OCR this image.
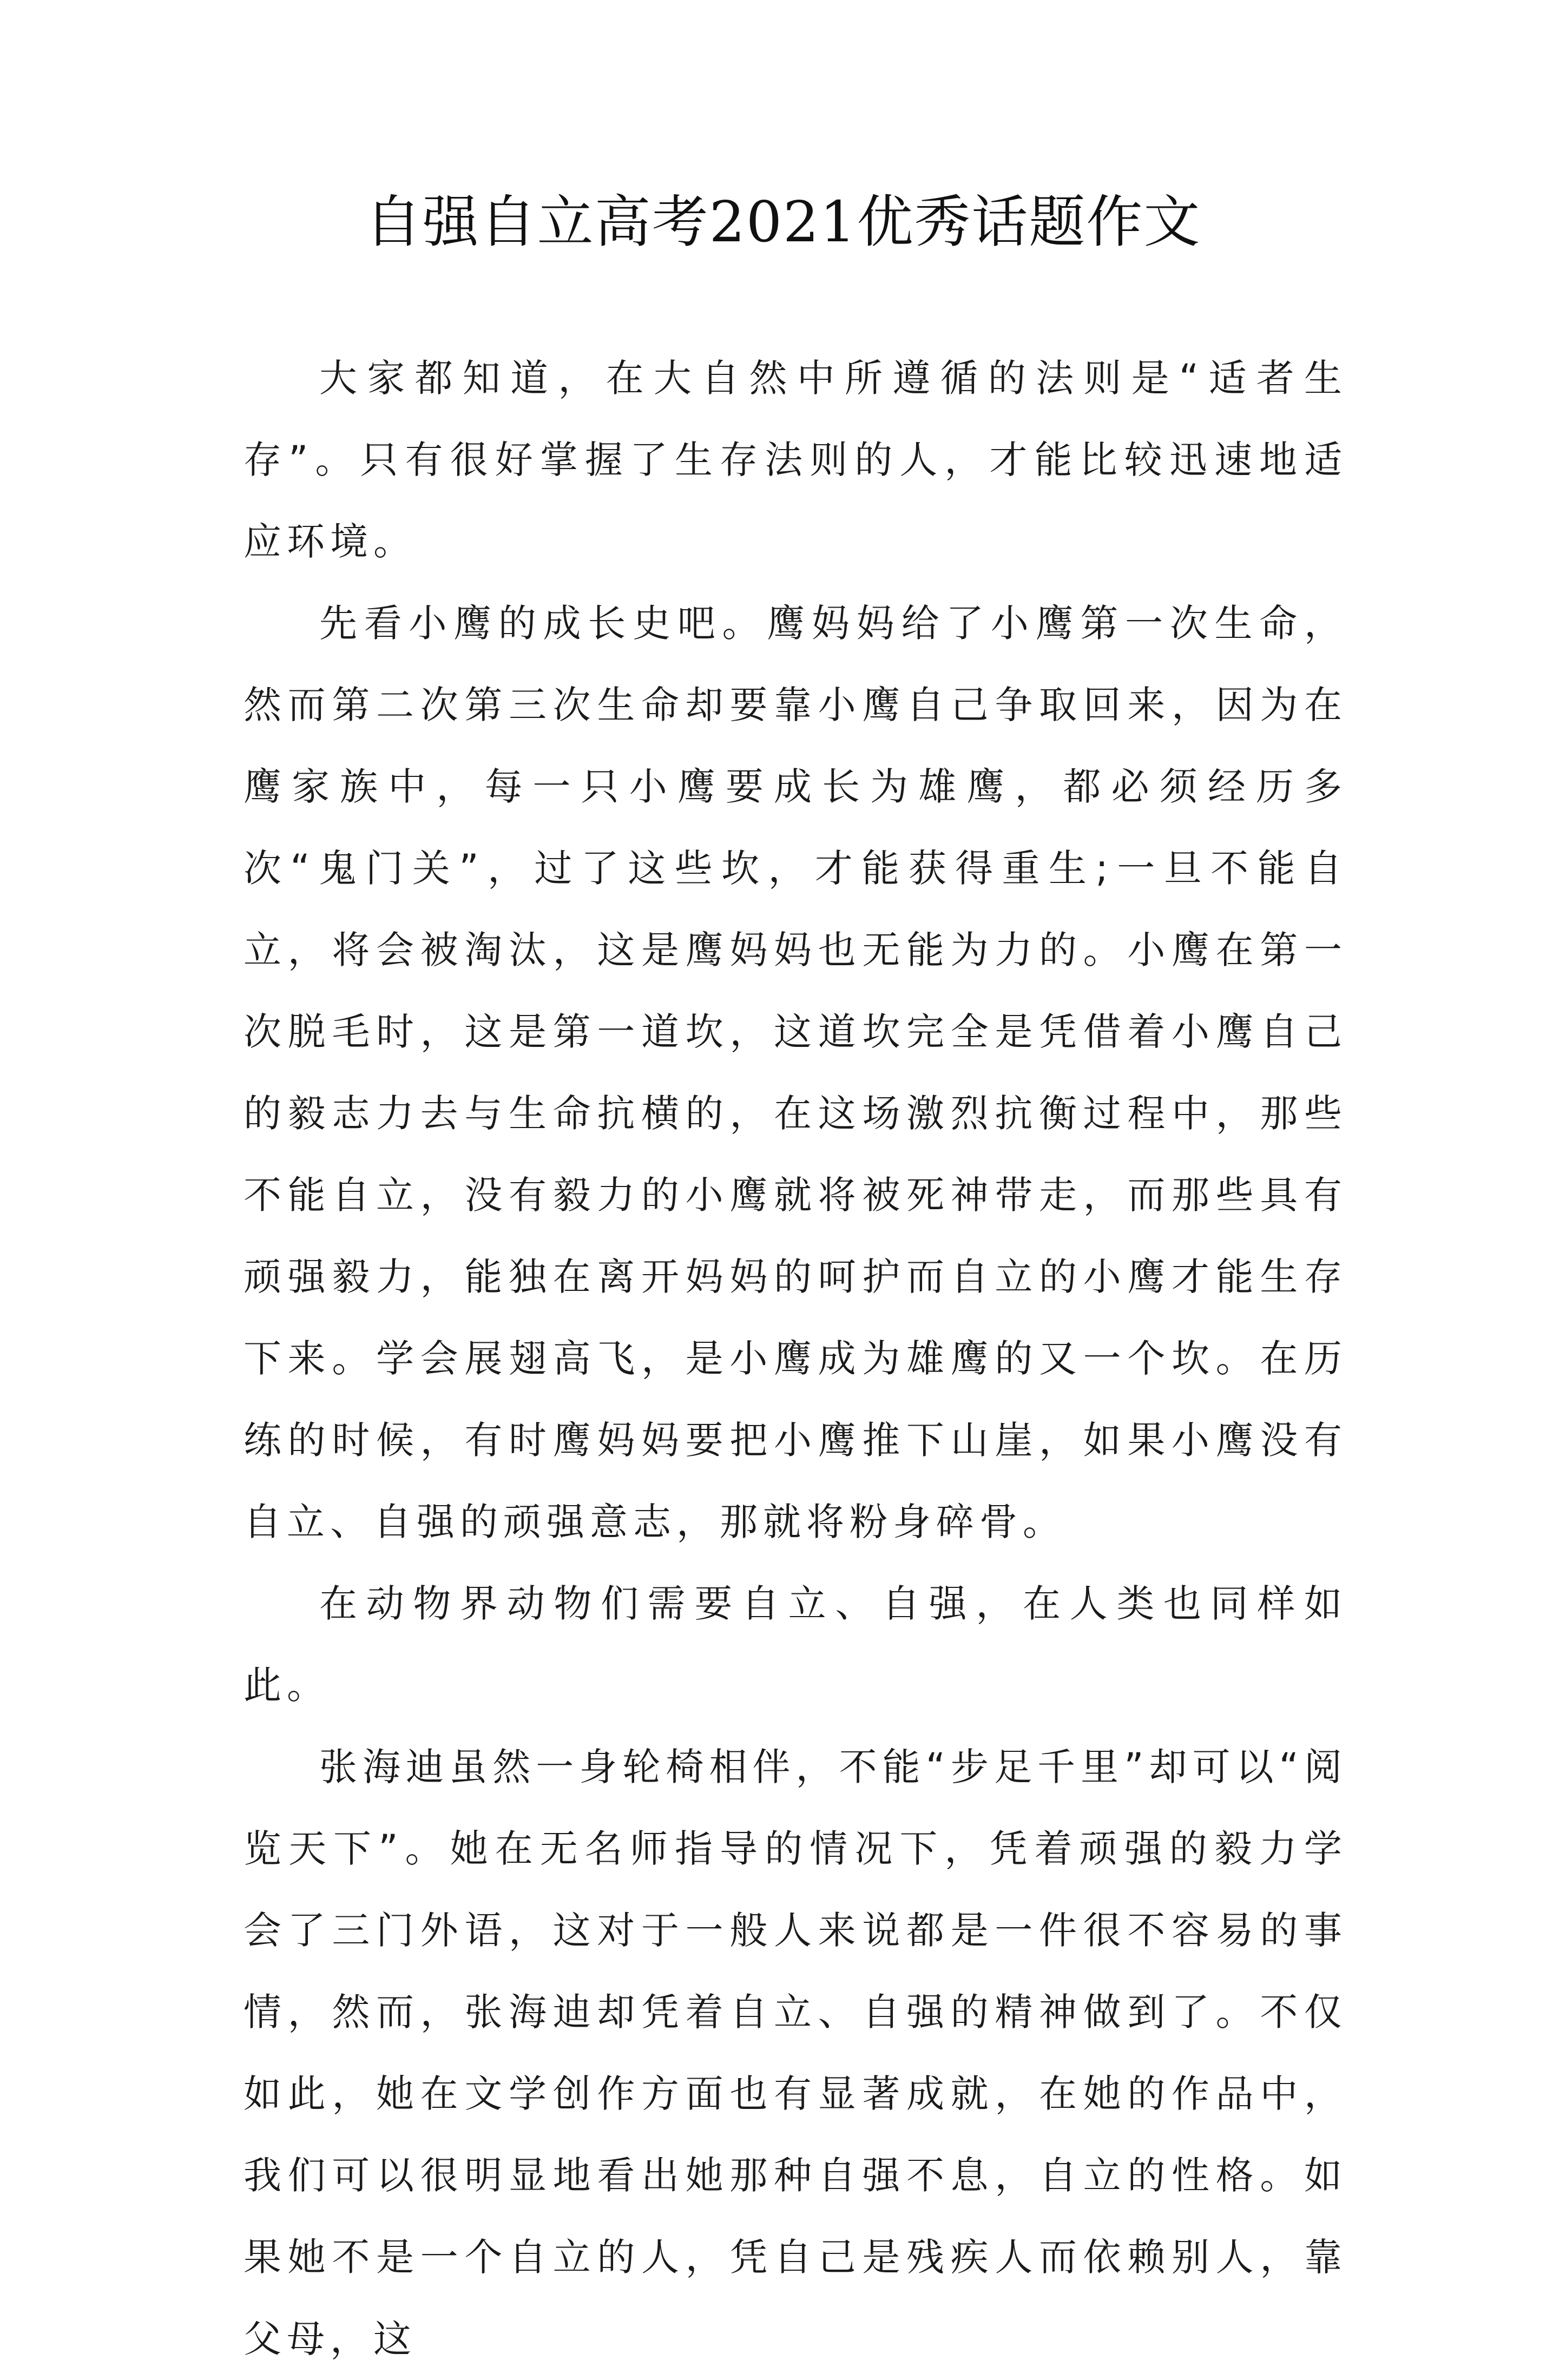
自强自立高考2021优秀话题作文

大家都知道，在大自然中所遵循的法则是“适者生存”。只有很好掌握了生存法则的人，才能比较迅速地适应环境。

先看小鹰的成长史吧。鹰妈妈给了小鹰第一次生命，然而第二次第三次生命却要靠小鹰自己争取回来，因为在鹰家族中，每一只小鹰要成长为雄鹰，都必须经历多次“鬼门关”，过了这些坎，才能获得重生;一旦不能自立，将会被淘汰，这是鹰妈妈也无能为力的。小鹰在第一次脱毛时，这是第一道坎，这道坎完全是凭借着小鹰自己的毅志力去与生命抗横的，在这场激烈抗衡过程中，那些不能自立，没有毅力的小鹰就将被死神带走，而那些具有顽强毅力，能独在离开妈妈的呵护而自立的小鹰才能生存下来。学会展翅高飞，是小鹰成为雄鹰的又一个坎。在历练的时候，有时鹰妈妈要把小鹰推下山崖，如果小鹰没有自立、自强的顽强意志，那就将粉身碎骨。

在动物界动物们需要自立、自强，在人类也同样如此。

张海迪虽然一身轮椅相伴，不能“步足千里”却可以“阅览天下”。她在无名师指导的情况下，凭着顽强的毅力学会了三门外语，这对于一般人来说都是一件很不容易的事情，然而，张海迪却凭着自立、自强的精神做到了。不仅如此，她在文学创作方面也有显著成就，在她的作品中，我们可以很明显地看出她那种自强不息，自立的性格。如果她不是一个自立的人，凭自己是残疾人而依赖别人，靠父母，这
